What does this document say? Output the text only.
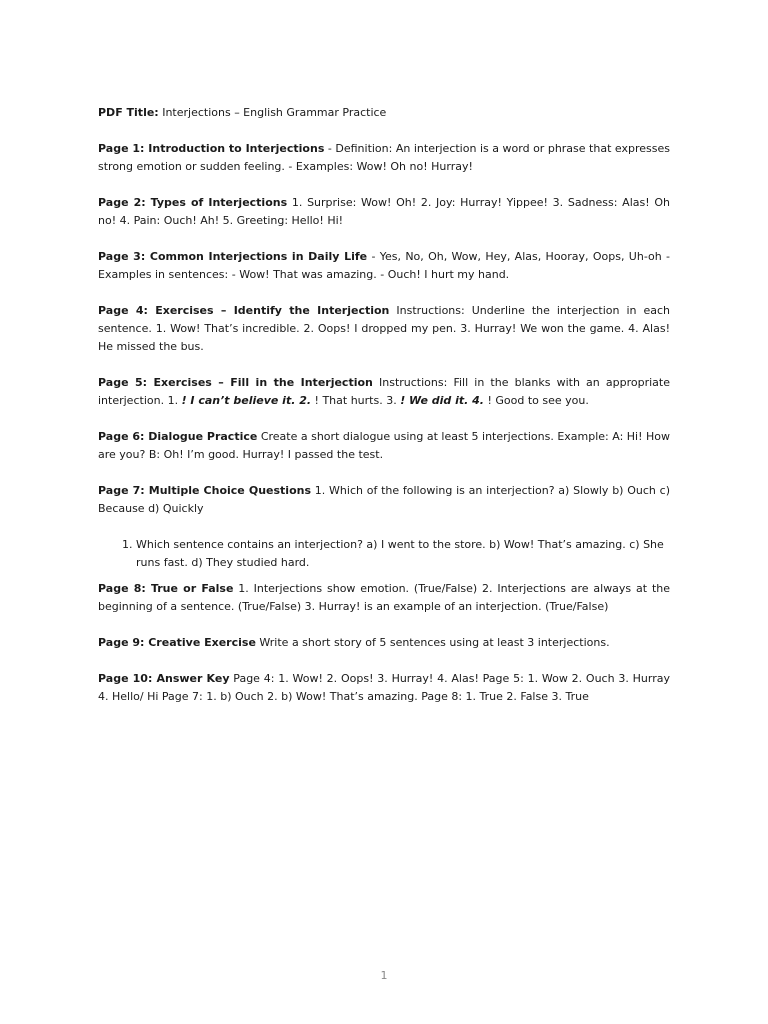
PDF Title: Interjections – English Grammar Practice

Page 1: Introduction to Interjections - Definition: An interjection is a word or phrase that expresses strong emotion or sudden feeling. - Examples: Wow! Oh no! Hurray!

Page 2: Types of Interjections 1. Surprise: Wow! Oh! 2. Joy: Hurray! Yippee! 3. Sadness: Alas! Oh no! 4. Pain: Ouch! Ah! 5. Greeting: Hello! Hi!

Page 3: Common Interjections in Daily Life - Yes, No, Oh, Wow, Hey, Alas, Hooray, Oops, Uh-oh - Examples in sentences: - Wow! That was amazing. - Ouch! I hurt my hand.

Page 4: Exercises – Identify the Interjection Instructions: Underline the interjection in each sentence. 1. Wow! That’s incredible. 2. Oops! I dropped my pen. 3. Hurray! We won the game. 4. Alas! He missed the bus.

Page 5: Exercises – Fill in the Interjection Instructions: Fill in the blanks with an appropriate interjection. 1. ! I can’t believe it. 2. ! That hurts. 3. ! We did it. 4. ! Good to see you.

Page 6: Dialogue Practice Create a short dialogue using at least 5 interjections. Example: A: Hi! How are you? B: Oh! I’m good. Hurray! I passed the test.

Page 7: Multiple Choice Questions 1. Which of the following is an interjection? a) Slowly b) Ouch c) Because d) Quickly

1. Which sentence contains an interjection? a) I went to the store. b) Wow! That’s amazing. c) She runs fast. d) They studied hard.

Page 8: True or False 1. Interjections show emotion. (True/False) 2. Interjections are always at the beginning of a sentence. (True/False) 3. Hurray! is an example of an interjection. (True/False)

Page 9: Creative Exercise Write a short story of 5 sentences using at least 3 interjections.

Page 10: Answer Key Page 4: 1. Wow! 2. Oops! 3. Hurray! 4. Alas! Page 5: 1. Wow 2. Ouch 3. Hurray 4. Hello/ Hi Page 7: 1. b) Ouch 2. b) Wow! That’s amazing. Page 8: 1. True 2. False 3. True

1
